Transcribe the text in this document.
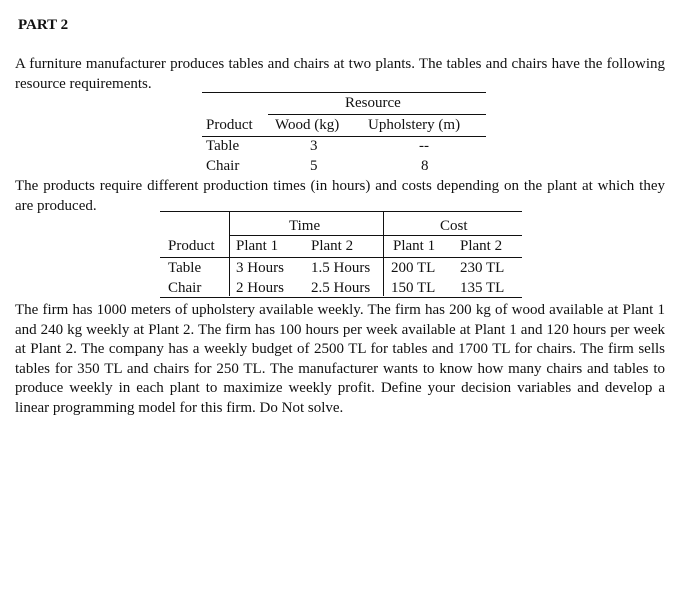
PART 2
A furniture manufacturer produces tables and chairs at two plants. The tables and chairs have the following resource requirements.
Resource
Product Wood (kg) Upholstery (m)
Table	3	--
Chair	5	8
The products require different production times (in hours) and costs depending on the plant at which they are produced.
Time	Cost
Product Plant 1 Plant 2	Plant 1 Plant 2
Table 3 Hours 1.5 Hours 200 TL 230 TL
Chair 2 Hours 2.5 Hours 150 TL 135 TL
The firm has 1000 meters of upholstery available weekly. The firm has 200 kg of wood available at Plant 1 and 240 kg weekly at Plant 2. The firm has 100 hours per week available at Plant 1 and 120 hours per week at Plant 2. The company has a weekly budget of 2500 TL for tables and 1700 TL for chairs. The firm sells tables for 350 TL and chairs for 250 TL. The manufacturer wants to know how many chairs and tables to produce weekly in each plant to maximize weekly profit. Define your decision variables and develop a linear programming model for this firm. Do Not solve.
